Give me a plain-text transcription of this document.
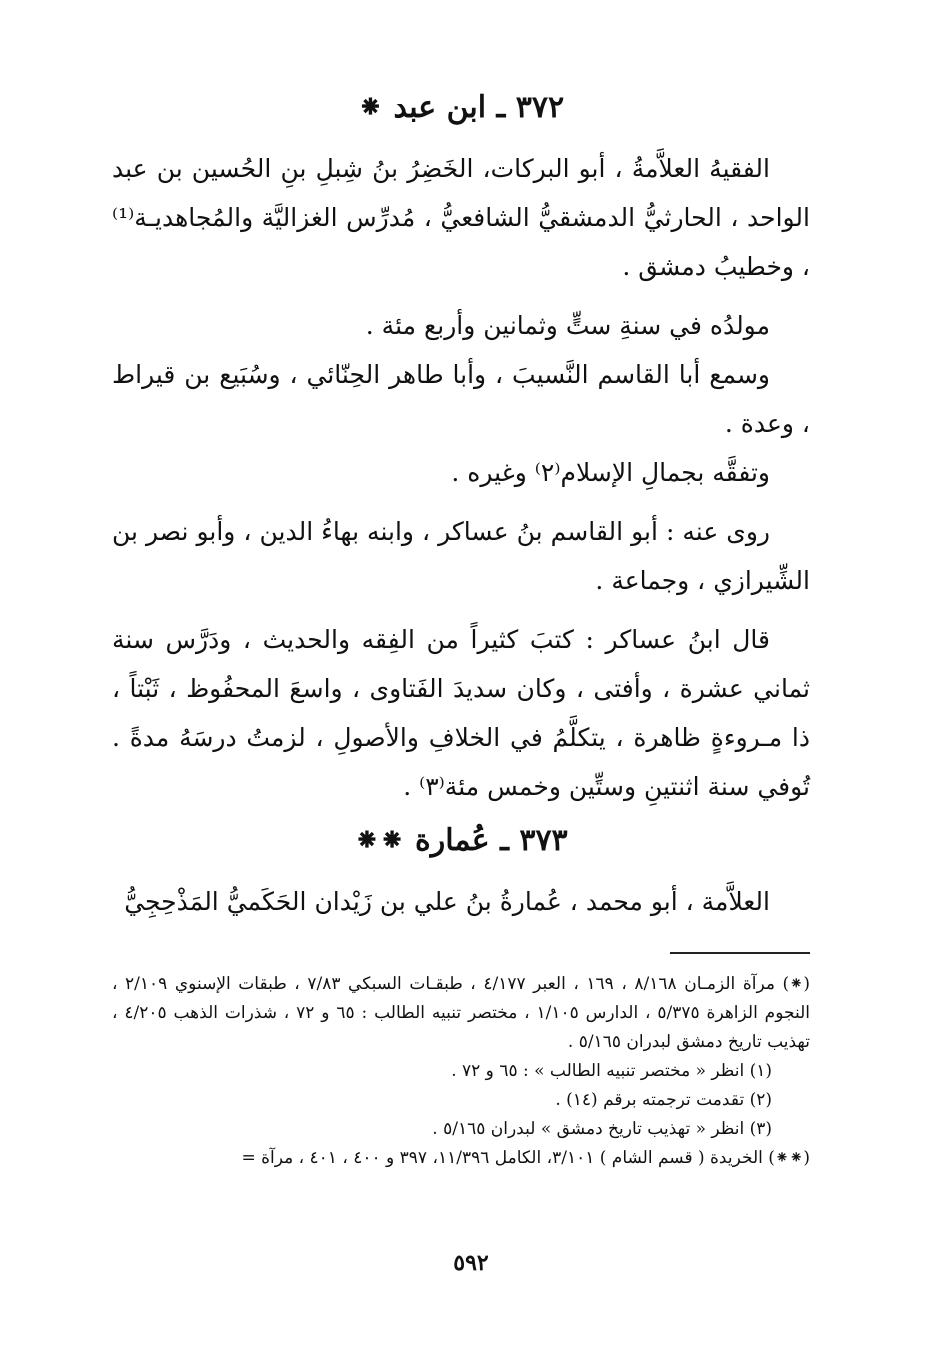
٣٧٢ ـ ابن عبد ⁕

الفقيهُ العلاَّمةُ ، أبو البركات، الخَضِرُ بنُ شِبلِ بنِ الحُسين بن عبد الواحد ، الحارثيُّ الدمشقيُّ الشافعيُّ ، مُدرِّس الغزاليَّة والمُجاهديـة⁽¹⁾ ، وخطيبُ دمشق .

مولدُه في سنةِ ستٍّ وثمانين وأربع مئة .

وسمع أبا القاسم النَّسيبَ ، وأبا طاهر الحِنّائي ، وسُبَيع بن قيراط ، وعدة .

وتفقَّه بجمالِ الإسلام⁽٢⁾ وغيره .

روى عنه : أبو القاسم بنُ عساكر ، وابنه بهاءُ الدين ، وأبو نصر بن الشِّيرازي ، وجماعة .

قال ابنُ عساكر : كتبَ كثيراً من الفِقه والحديث ، ودَرَّس سنة ثماني عشرة ، وأفتى ، وكان سديدَ الفَتاوى ، واسعَ المحفُوظ ، ثَبْتاً ، ذا مـروءةٍ ظاهرة ، يتكلَّمُ في الخلافِ والأصولِ ، لزمتُ درسَهُ مدةً . تُوفي سنة اثنتينِ وستِّين وخمس مئة⁽٣⁾ .

٣٧٣ ـ عُمارة ⁕⁕

العلاَّمة ، أبو محمد ، عُمارةُ بنُ علي بن زَيْدان الحَكَميُّ المَذْحِجِيُّ

(⁕) مرآة الزمـان ٨/١٦٨ ، ١٦٩ ، العبر ٤/١٧٧ ، طبقـات السبكي ٧/٨٣ ، طبقات الإسنوي ٢/١٠٩ ، النجوم الزاهرة ٥/٣٧٥ ، الدارس ١/١٠٥ ، مختصر تنبيه الطالب : ٦٥ و ٧٢ ، شذرات الذهب ٤/٢٠٥ ، تهذيب تاريخ دمشق لبدران ٥/١٦٥ .

(١) انظر « مختصر تنبيه الطالب » : ٦٥ و ٧٢ .

(٢) تقدمت ترجمته برقم (١٤) .

(٣) انظر « تهذيب تاريخ دمشق » لبدران ٥/١٦٥ .

(⁕⁕) الخريدة ( قسم الشام ) ٣/١٠١، الكامل ١١/٣٩٦، ٣٩٧ و ٤٠٠ ، ٤٠١ ، مرآة =

٥٩٢
